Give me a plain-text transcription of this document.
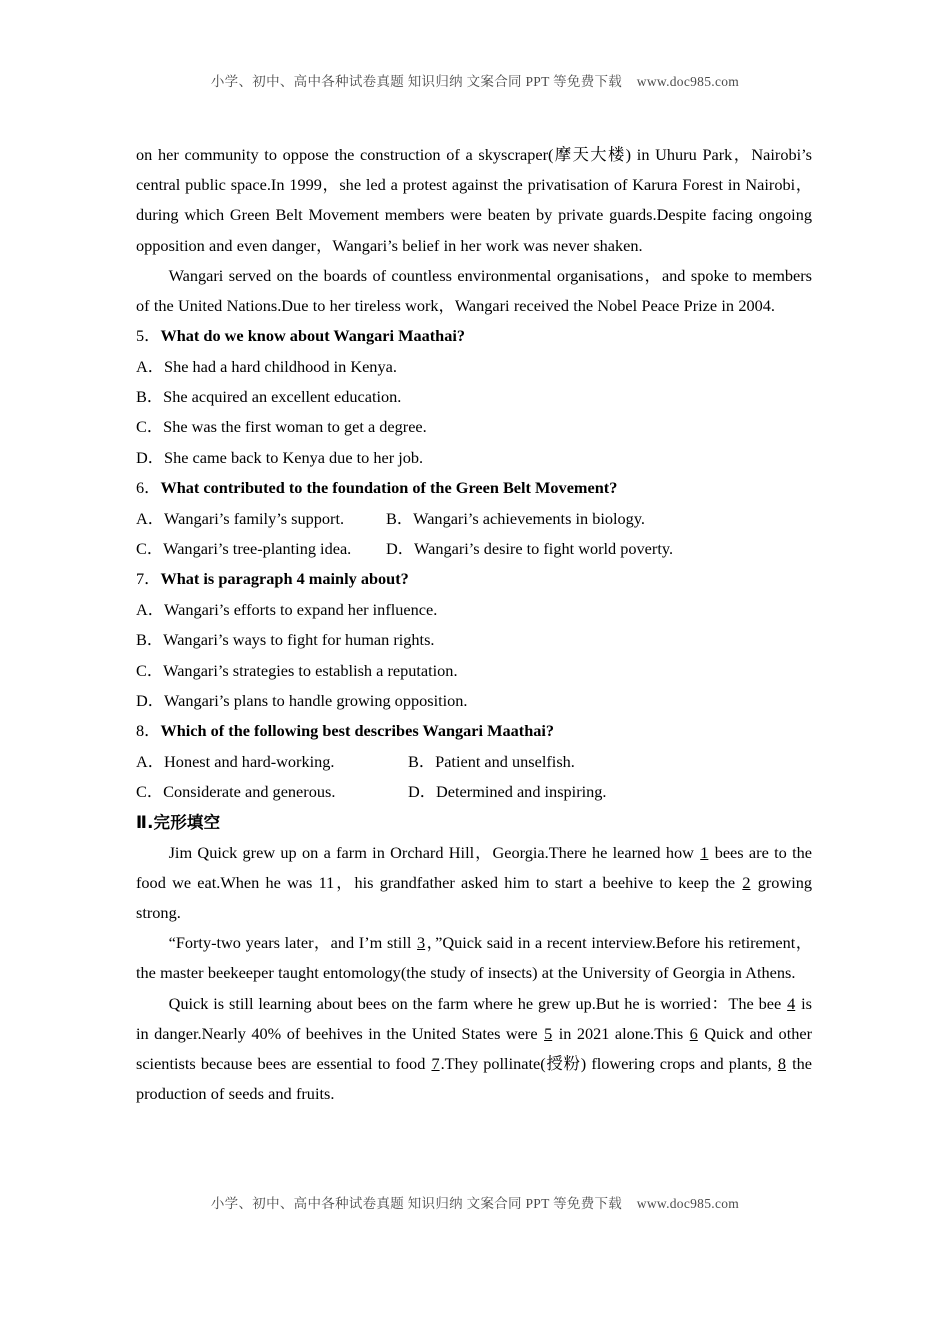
小学、初中、高中各种试卷真题 知识归纳 文案合同 PPT 等免费下载    www.doc985.com

on her community to oppose the construction of a skyscraper(摩天大楼) in Uhuru Park，Nairobi’s central public space.In 1999，she led a protest against the privatisation of Karura Forest in Nairobi，during which Green Belt Movement members were beaten by private guards.Despite facing ongoing opposition and even danger，Wangari’s belief in her work was never shaken.

Wangari served on the boards of countless environmental organisations，and spoke to members of the United Nations.Due to her tireless work，Wangari received the Nobel Peace Prize in 2004.

5．What do we know about Wangari Maathai?
A．She had a hard childhood in Kenya.
B．She acquired an excellent education.
C．She was the first woman to get a degree.
D．She came back to Kenya due to her job.
6．What contributed to the foundation of the Green Belt Movement?
A．Wangari’s family’s support.	B．Wangari’s achievements in biology.
C．Wangari’s tree-planting idea. D．Wangari’s desire to fight world poverty.
7．What is paragraph 4 mainly about?
A．Wangari’s efforts to expand her influence.
B．Wangari’s ways to fight for human rights.
C．Wangari’s strategies to establish a reputation.
D．Wangari’s plans to handle growing opposition.
8．Which of the following best describes Wangari Maathai?
A．Honest and hard-working.	B．Patient and unselfish.
C．Considerate and generous.	D．Determined and inspiring.
Ⅱ.完形填空

Jim Quick grew up on a farm in Orchard Hill，Georgia.There he learned how 1 bees are to the food we eat.When he was 11，his grandfather asked him to start a beehive to keep the 2 growing strong.

“Forty-two years later，and I’m still 3，”Quick said in a recent interview.Before his retirement，the master beekeeper taught entomology(the study of insects) at the University of Georgia in Athens.

Quick is still learning about bees on the farm where he grew up.But he is worried：The bee 4 is in danger.Nearly 40% of beehives in the United States were 5 in 2021 alone.This 6 Quick and other scientists because bees are essential to food 7.They pollinate(授粉) flowering crops and plants, 8 the production of seeds and fruits.

小学、初中、高中各种试卷真题 知识归纳 文案合同 PPT 等免费下载    www.doc985.com
